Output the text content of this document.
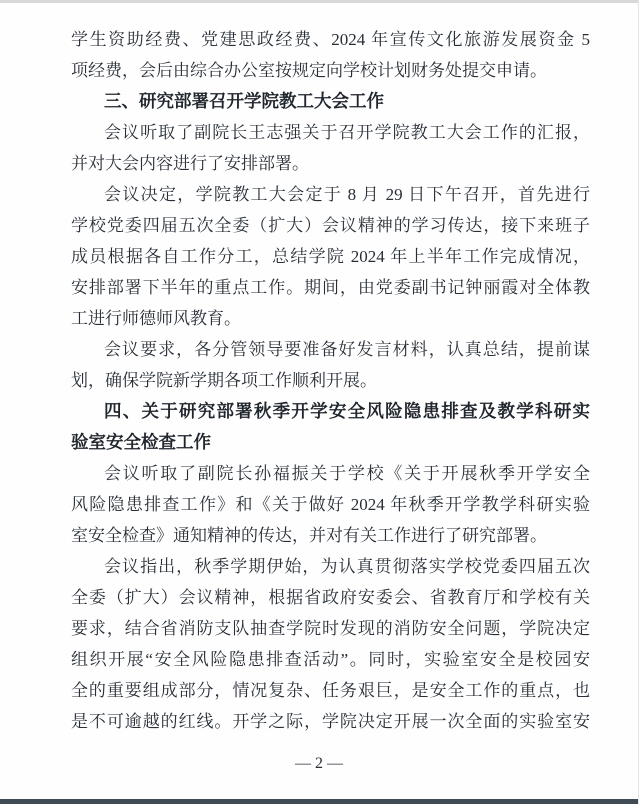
学生资助经费、党建思政经费、2024 年宣传文化旅游发展资金 5
项经费，会后由综合办公室按规定向学校计划财务处提交申请。
三、研究部署召开学院教工大会工作
会议听取了副院长王志强关于召开学院教工大会工作的汇报，
并对大会内容进行了安排部署。
会议决定，学院教工大会定于 8 月 29 日下午召开，首先进行
学校党委四届五次全委（扩大）会议精神的学习传达，接下来班子
成员根据各自工作分工，总结学院 2024 年上半年工作完成情况，
安排部署下半年的重点工作。期间，由党委副书记钟丽霞对全体教
工进行师德师风教育。
会议要求，各分管领导要准备好发言材料，认真总结，提前谋
划，确保学院新学期各项工作顺利开展。
四、关于研究部署秋季开学安全风险隐患排查及教学科研实
验室安全检查工作
会议听取了副院长孙福振关于学校《关于开展秋季开学安全
风险隐患排查工作》和《关于做好 2024 年秋季开学教学科研实验
室安全检查》通知精神的传达，并对有关工作进行了研究部署。
会议指出，秋季学期伊始，为认真贯彻落实学校党委四届五次
全委（扩大）会议精神，根据省政府安委会、省教育厅和学校有关
要求，结合省消防支队抽查学院时发现的消防安全问题，学院决定
组织开展“安全风险隐患排查活动”。同时，实验室安全是校园安
全的重要组成部分，情况复杂、任务艰巨，是安全工作的重点，也
是不可逾越的红线。开学之际，学院决定开展一次全面的实验室安
— 2 —
